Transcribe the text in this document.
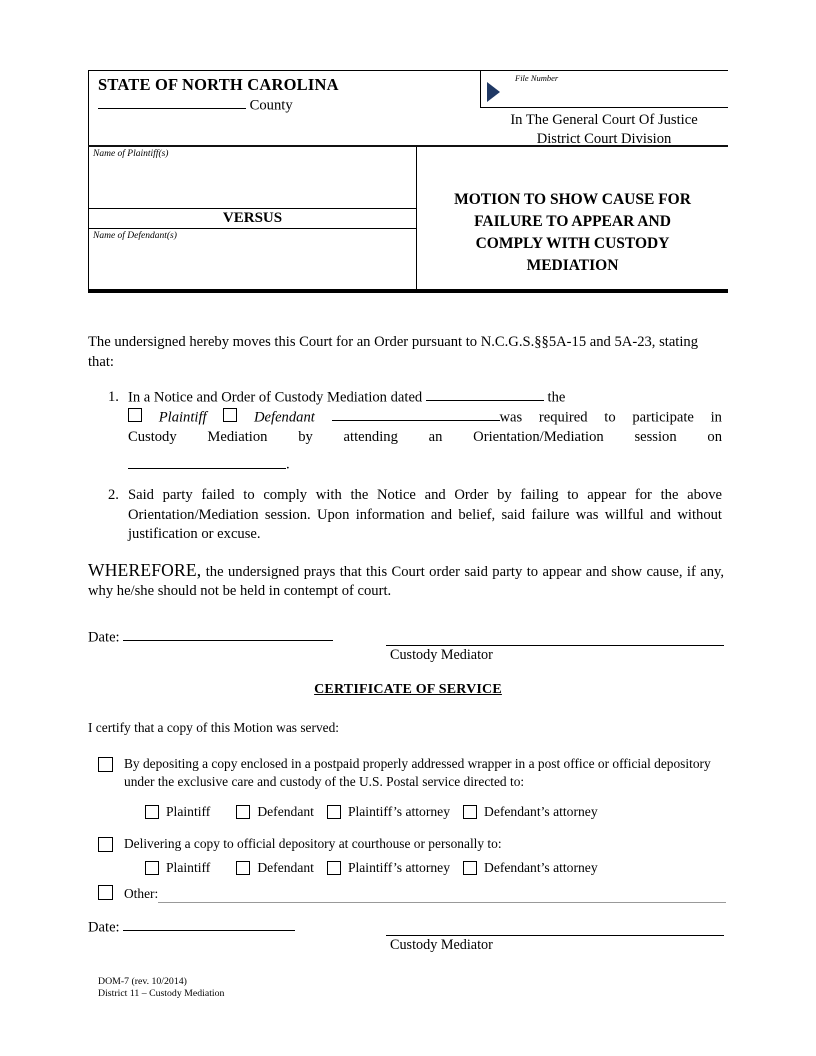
STATE OF NORTH CAROLINA
County
File Number
In The General Court Of Justice
District Court Division
Name of Plaintiff(s)
VERSUS
Name of Defendant(s)
MOTION TO SHOW CAUSE FOR
FAILURE TO APPEAR AND
COMPLY WITH CUSTODY
MEDIATION
The undersigned hereby moves this Court for an Order pursuant to N.C.G.S.§§5A-15 and 5A-23, stating that:
1. In a Notice and Order of Custody Mediation dated	the
Plaintiff	Defendant	was required to participate in
Custody Mediation by attending an Orientation/Mediation session on
.
2. Said party failed to comply with the Notice and Order by failing to appear for the above Orientation/Mediation session. Upon information and belief, said failure was willful and without justification or excuse.
WHEREFORE, the undersigned prays that this Court order said party to appear and show cause, if any, why he/she should not be held in contempt of court.
Date:
Custody Mediator
CERTIFICATE OF SERVICE
I certify that a copy of this Motion was served:
By depositing a copy enclosed in a postpaid properly addressed wrapper in a post office or official depository under the exclusive care and custody of the U.S. Postal service directed to:
Plaintiff	Defendant	Plaintiff’s attorney	Defendant’s attorney
Delivering a copy to official depository at courthouse or personally to:
Plaintiff	Defendant	Plaintiff’s attorney	Defendant’s attorney
Other:
Date:
Custody Mediator
DOM-7 (rev. 10/2014)
District 11 – Custody Mediation
